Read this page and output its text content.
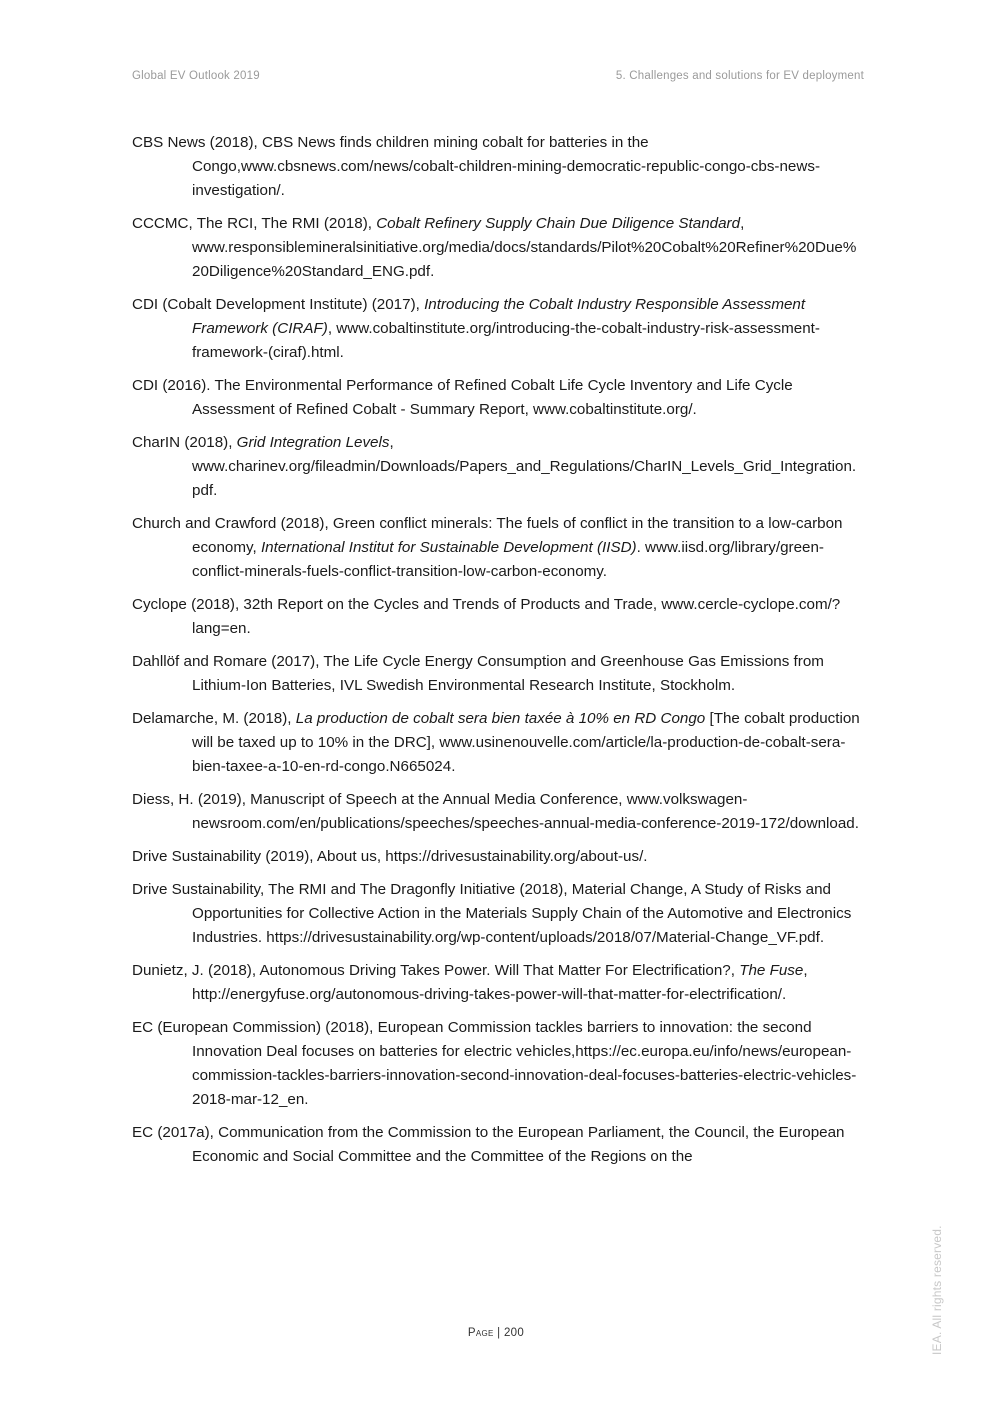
Global EV Outlook 2019	5. Challenges and solutions for EV deployment

CBS News (2018), CBS News finds children mining cobalt for batteries in the Congo,www.cbsnews.com/news/cobalt-children-mining-democratic-republic-congo-cbs-news-investigation/.

CCCMC, The RCI, The RMI (2018), Cobalt Refinery Supply Chain Due Diligence Standard, www.responsiblemineralsinitiative.org/media/docs/standards/Pilot%20Cobalt%20Refiner%20Due%20Diligence%20Standard_ENG.pdf.

CDI (Cobalt Development Institute) (2017), Introducing the Cobalt Industry Responsible Assessment Framework (CIRAF), www.cobaltinstitute.org/introducing-the-cobalt-industry-risk-assessment-framework-(ciraf).html.

CDI (2016). The Environmental Performance of Refined Cobalt Life Cycle Inventory and Life Cycle Assessment of Refined Cobalt - Summary Report, www.cobaltinstitute.org/.

CharIN (2018), Grid Integration Levels, www.charinev.org/fileadmin/Downloads/Papers_and_Regulations/CharIN_Levels_Grid_Integration.pdf.

Church and Crawford (2018), Green conflict minerals: The fuels of conflict in the transition to a low-carbon economy, International Institut for Sustainable Development (IISD). www.iisd.org/library/green-conflict-minerals-fuels-conflict-transition-low-carbon-economy.

Cyclope (2018), 32th Report on the Cycles and Trends of Products and Trade, www.cercle-cyclope.com/?lang=en.

Dahllöf and Romare (2017), The Life Cycle Energy Consumption and Greenhouse Gas Emissions from Lithium-Ion Batteries, IVL Swedish Environmental Research Institute, Stockholm.

Delamarche, M. (2018), La production de cobalt sera bien taxée à 10% en RD Congo [The cobalt production will be taxed up to 10% in the DRC], www.usinenouvelle.com/article/la-production-de-cobalt-sera-bien-taxee-a-10-en-rd-congo.N665024.

Diess, H. (2019), Manuscript of Speech at the Annual Media Conference, www.volkswagen-newsroom.com/en/publications/speeches/speeches-annual-media-conference-2019-172/download.

Drive Sustainability (2019), About us, https://drivesustainability.org/about-us/.

Drive Sustainability, The RMI and The Dragonfly Initiative (2018), Material Change, A Study of Risks and Opportunities for Collective Action in the Materials Supply Chain of the Automotive and Electronics Industries. https://drivesustainability.org/wp-content/uploads/2018/07/Material-Change_VF.pdf.

Dunietz, J. (2018), Autonomous Driving Takes Power. Will That Matter For Electrification?, The Fuse, http://energyfuse.org/autonomous-driving-takes-power-will-that-matter-for-electrification/.

EC (European Commission) (2018), European Commission tackles barriers to innovation: the second Innovation Deal focuses on batteries for electric vehicles,https://ec.europa.eu/info/news/european-commission-tackles-barriers-innovation-second-innovation-deal-focuses-batteries-electric-vehicles-2018-mar-12_en.

EC (2017a), Communication from the Commission to the European Parliament, the Council, the European Economic and Social Committee and the Committee of the Regions on the

Page | 200	IEA. All rights reserved.
